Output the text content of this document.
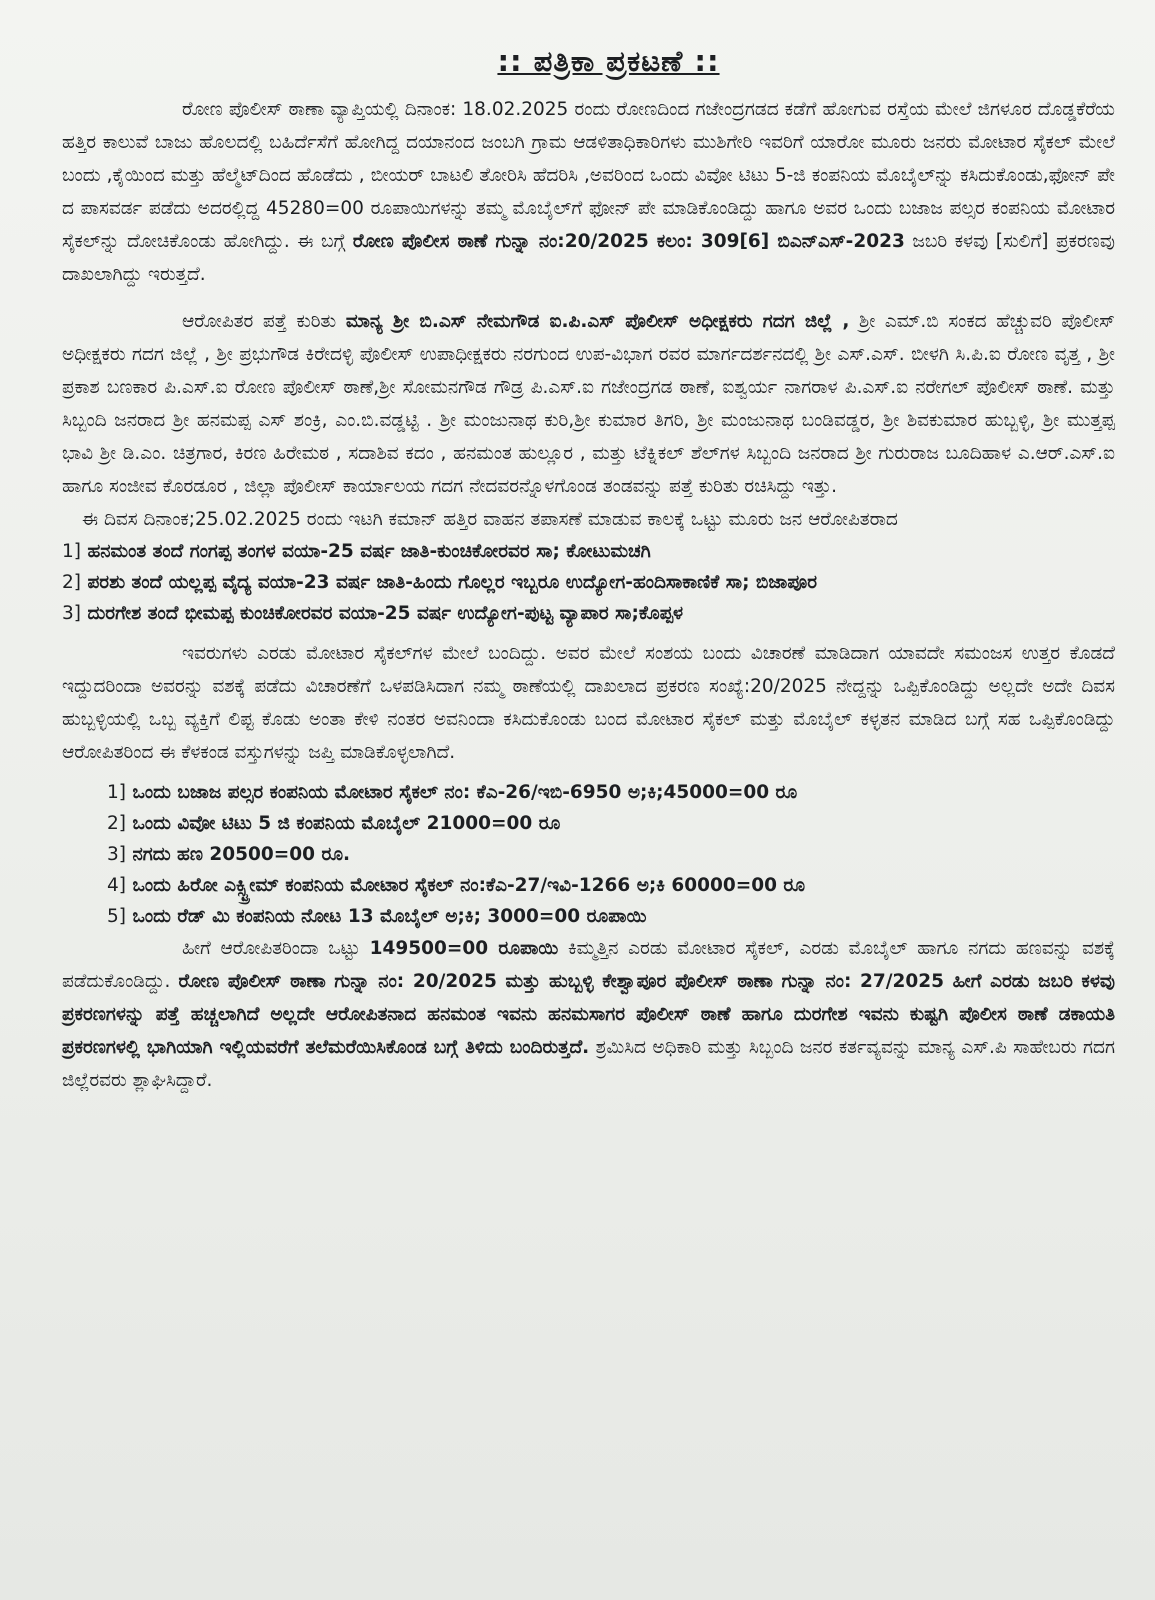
:: ಪತ್ರಿಕಾ ಪ್ರಕಟಣೆ ::

ರೋಣ ಪೊಲೀಸ್ ಠಾಣಾ ವ್ಯಾಪ್ತಿಯಲ್ಲಿ ದಿನಾಂಕ: 18.02.2025 ರಂದು ರೋಣದಿಂದ ಗಜೇಂದ್ರಗಡದ ಕಡೆಗೆ ಹೋಗುವ ರಸ್ತೆಯ ಮೇಲೆ ಜಿಗಳೂರ ದೊಡ್ಡಕೆರೆಯ ಹತ್ತಿರ ಕಾಲುವೆ ಬಾಜು ಹೊಲದಲ್ಲಿ ಬಹಿರ್ದೆಸೆಗೆ ಹೋಗಿದ್ದ ದಯಾನಂದ ಜಂಬಗಿ ಗ್ರಾಮ ಆಡಳಿತಾಧಿಕಾರಿಗಳು ಮುಶಿಗೇರಿ ಇವರಿಗೆ ಯಾರೋ ಮೂರು ಜನರು ಮೋಟಾರ ಸೈಕಲ್ ಮೇಲೆ ಬಂದು ,ಕೈಯಿಂದ ಮತ್ತು ಹೆಲ್ಮೆಟ್‌ದಿಂದ ಹೊಡೆದು , ಬೀಯರ್ ಬಾಟಲಿ ತೋರಿಸಿ ಹೆದರಿಸಿ ,ಅವರಿಂದ ಒಂದು ವಿವೋ ಟಿಟು 5-ಜಿ ಕಂಪನಿಯ ಮೊಬೈಲ್‌ನ್ನು ಕಸಿದುಕೊಂಡು,ಫೋನ್ ಪೇ ದ ಪಾಸವರ್ಡ ಪಡೆದು ಅದರಲ್ಲಿದ್ದ 45280=00 ರೂಪಾಯಿಗಳನ್ನು ತಮ್ಮ ಮೊಬೈಲ್‌ಗೆ ಫೋನ್ ಪೇ ಮಾಡಿಕೊಂಡಿದ್ದು ಹಾಗೂ ಅವರ ಒಂದು ಬಜಾಜ ಪಲ್ಸರ ಕಂಪನಿಯ ಮೋಟಾರ ಸೈಕಲ್‌ನ್ನು ದೋಚಿಕೊಂಡು ಹೋಗಿದ್ದು. ಈ ಬಗ್ಗೆ ರೋಣ ಪೊಲೀಸ ಠಾಣೆ ಗುನ್ನಾ ನಂ:20/2025 ಕಲಂ: 309[6] ಬಿಎನ್‌ಎಸ್-2023 ಜಬರಿ ಕಳವು [ಸುಲಿಗೆ] ಪ್ರಕರಣವು ದಾಖಲಾಗಿದ್ದು ಇರುತ್ತದೆ.

ಆರೋಪಿತರ ಪತ್ತೆ ಕುರಿತು ಮಾನ್ಯ ಶ್ರೀ ಬಿ.ಎಸ್ ನೇಮಗೌಡ ಐ.ಪಿ.ಎಸ್ ಪೊಲೀಸ್ ಅಧೀಕ್ಷಕರು ಗದಗ ಜಿಲ್ಲೆ , ಶ್ರೀ ಎಮ್.ಬಿ ಸಂಕದ ಹೆಚ್ಚುವರಿ ಪೊಲೀಸ್ ಅಧೀಕ್ಷಕರು ಗದಗ ಜಿಲ್ಲೆ , ಶ್ರೀ ಪ್ರಭುಗೌಡ ಕಿರೇದಳ್ಳಿ ಪೊಲೀಸ್ ಉಪಾಧೀಕ್ಷಕರು ನರಗುಂದ ಉಪ-ವಿಭಾಗ ರವರ ಮಾರ್ಗದರ್ಶನದಲ್ಲಿ ಶ್ರೀ ಎಸ್.ಎಸ್. ಬೀಳಗಿ ಸಿ.ಪಿ.ಐ ರೋಣ ವೃತ್ತ , ಶ್ರೀ ಪ್ರಕಾಶ ಬಣಕಾರ ಪಿ.ಎಸ್.ಐ ರೋಣ ಪೊಲೀಸ್ ಠಾಣೆ,ಶ್ರೀ ಸೋಮನಗೌಡ ಗೌಡ್ರ ಪಿ.ಎಸ್.ಐ ಗಜೇಂದ್ರಗಡ ಠಾಣೆ, ಐಶ್ವರ್ಯ ನಾಗರಾಳ ಪಿ.ಎಸ್.ಐ ನರೇಗಲ್ ಪೊಲೀಸ್ ಠಾಣೆ. ಮತ್ತು ಸಿಬ್ಬಂದಿ ಜನರಾದ ಶ್ರೀ ಹನಮಪ್ಪ ಎಸ್ ಶಂಕ್ರಿ, ಎಂ.ಬಿ.ವಡ್ಡಟ್ಟಿ . ಶ್ರೀ ಮಂಜುನಾಥ ಕುರಿ,ಶ್ರೀ ಕುಮಾರ ತಿಗರಿ, ಶ್ರೀ ಮಂಜುನಾಥ ಬಂಡಿವಡ್ಡರ, ಶ್ರೀ ಶಿವಕುಮಾರ ಹುಬ್ಬಳ್ಳಿ, ಶ್ರೀ ಮುತ್ತಪ್ಪ ಭಾವಿ ಶ್ರೀ ಡಿ.ಎಂ. ಚಿತ್ರಗಾರ, ಕಿರಣ ಹಿರೇಮಠ , ಸದಾಶಿವ ಕದಂ , ಹನಮಂತ ಹುಲ್ಲೂರ , ಮತ್ತು ಟೆಕ್ನಿಕಲ್ ಶೆಲ್‌ಗಳ ಸಿಬ್ಬಂದಿ ಜನರಾದ ಶ್ರೀ ಗುರುರಾಜ ಬೂದಿಹಾಳ ಎ.ಆರ್.ಎಸ್.ಐ ಹಾಗೂ ಸಂಜೀವ ಕೊರಡೂರ , ಜಿಲ್ಲಾ ಪೊಲೀಸ್ ಕಾರ್ಯಾಲಯ ಗದಗ ನೇದವರನ್ನೊಳಗೊಂಡ ತಂಡವನ್ನು ಪತ್ತೆ ಕುರಿತು ರಚಿಸಿದ್ದು ಇತ್ತು.

ಈ ದಿವಸ ದಿನಾಂಕ;25.02.2025 ರಂದು ಇಟಗಿ ಕಮಾನ್ ಹತ್ತಿರ ವಾಹನ ತಪಾಸಣೆ ಮಾಡುವ ಕಾಲಕ್ಕೆ ಒಟ್ಟು ಮೂರು ಜನ ಆರೋಪಿತರಾದ

1] ಹನಮಂತ ತಂದೆ ಗಂಗಪ್ಪ ತಂಗಳ ವಯಾ-25 ವರ್ಷ ಜಾತಿ-ಕುಂಚಿಕೋರವರ ಸಾ; ಕೋಟುಮಚಗಿ
2] ಪರಶು ತಂದೆ ಯಲ್ಲಪ್ಪ ವೈದ್ಯ ವಯಾ-23 ವರ್ಷ ಜಾತಿ-ಹಿಂದು ಗೊಲ್ಲರ ಇಬ್ಬರೂ ಉದ್ಯೋಗ-ಹಂದಿಸಾಕಾಣಿಕೆ ಸಾ; ಬಿಜಾಪೂರ
3] ದುರಗೇಶ ತಂದೆ ಭೀಮಪ್ಪ ಕುಂಚಿಕೋರವರ ವಯಾ-25 ವರ್ಷ ಉದ್ಯೋಗ-ಪುಟ್ಟ ವ್ಯಾಪಾರ ಸಾ;ಕೊಪ್ಪಳ

ಇವರುಗಳು ಎರಡು ಮೋಟಾರ ಸೈಕಲ್‌ಗಳ ಮೇಲೆ ಬಂದಿದ್ದು. ಅವರ ಮೇಲೆ ಸಂಶಯ ಬಂದು ವಿಚಾರಣೆ ಮಾಡಿದಾಗ ಯಾವದೇ ಸಮಂಜಸ ಉತ್ತರ ಕೊಡದೆ ಇದ್ದುದರಿಂದಾ ಅವರನ್ನು ವಶಕ್ಕೆ ಪಡೆದು ವಿಚಾರಣೆಗೆ ಒಳಪಡಿಸಿದಾಗ ನಮ್ಮ ಠಾಣೆಯಲ್ಲಿ ದಾಖಲಾದ ಪ್ರಕರಣ ಸಂಖ್ಯೆ:20/2025 ನೇದ್ದನ್ನು ಒಪ್ಪಿಕೊಂಡಿದ್ದು ಅಲ್ಲದೇ ಅದೇ ದಿವಸ ಹುಬ್ಬಳ್ಳಿಯಲ್ಲಿ ಒಬ್ಬ ವ್ಯಕ್ತಿಗೆ ಲಿಪ್ಟ ಕೊಡು ಅಂತಾ ಕೇಳಿ ನಂತರ ಅವನಿಂದಾ ಕಸಿದುಕೊಂಡು ಬಂದ ಮೋಟಾರ ಸೈಕಲ್ ಮತ್ತು ಮೊಬೈಲ್ ಕಳ್ಳತನ ಮಾಡಿದ ಬಗ್ಗೆ ಸಹ ಒಪ್ಪಿಕೊಂಡಿದ್ದು ಆರೋಪಿತರಿಂದ ಈ ಕೆಳಕಂಡ ವಸ್ತುಗಳನ್ನು ಜಪ್ತಿ ಮಾಡಿಕೊಳ್ಳಲಾಗಿದೆ.

1] ಒಂದು ಬಜಾಜ ಪಲ್ಸರ ಕಂಪನಿಯ ಮೋಟಾರ ಸೈಕಲ್ ನಂ: ಕೆಎ-26/ಇಬಿ-6950 ಅ;ಕಿ;45000=00 ರೂ
2] ಒಂದು ವಿವೋ ಟಿಟು 5 ಜಿ ಕಂಪನಿಯ ಮೊಬೈಲ್ 21000=00 ರೂ
3] ನಗದು ಹಣ 20500=00 ರೂ.
4] ಒಂದು ಹಿರೋ ಎಕ್ಸ್ಟ್ರೀಮ್ ಕಂಪನಿಯ ಮೋಟಾರ ಸೈಕಲ್ ನಂ:ಕೆಎ-27/ಇವಿ-1266 ಅ;ಕಿ 60000=00 ರೂ
5] ಒಂದು ರೆಡ್ ಮಿ ಕಂಪನಿಯ ನೋಟ 13 ಮೊಬೈಲ್ ಅ;ಕಿ; 3000=00 ರೂಪಾಯಿ

ಹೀಗೆ ಆರೋಪಿತರಿಂದಾ ಒಟ್ಟು 149500=00 ರೂಪಾಯಿ ಕಿಮ್ಮತ್ತಿನ ಎರಡು ಮೋಟಾರ ಸೈಕಲ್, ಎರಡು ಮೊಬೈಲ್ ಹಾಗೂ ನಗದು ಹಣವನ್ನು ವಶಕ್ಕೆ ಪಡೆದುಕೊಂಡಿದ್ದು. ರೋಣ ಪೊಲೀಸ್ ಠಾಣಾ ಗುನ್ನಾ ನಂ: 20/2025 ಮತ್ತು ಹುಬ್ಬಳ್ಳಿ ಕೇಶ್ವಾಪೂರ ಪೊಲೀಸ್ ಠಾಣಾ ಗುನ್ನಾ ನಂ: 27/2025 ಹೀಗೆ ಎರಡು ಜಬರಿ ಕಳವು ಪ್ರಕರಣಗಳನ್ನು ಪತ್ತೆ ಹಚ್ಚಲಾಗಿದೆ ಅಲ್ಲದೇ ಆರೋಪಿತನಾದ ಹನಮಂತ ಇವನು ಹನಮಸಾಗರ ಪೊಲೀಸ್ ಠಾಣೆ ಹಾಗೂ ದುರಗೇಶ ಇವನು ಕುಷ್ಟಗಿ ಪೊಲೀಸ ಠಾಣೆ ಡಕಾಯತಿ ಪ್ರಕರಣಗಳಲ್ಲಿ ಭಾಗಿಯಾಗಿ ಇಲ್ಲಿಯವರೆಗೆ ತಲೆಮರೆಯಿಸಿಕೊಂಡ ಬಗ್ಗೆ ತಿಳಿದು ಬಂದಿರುತ್ತದೆ. ಶ್ರಮಿಸಿದ ಅಧಿಕಾರಿ ಮತ್ತು ಸಿಬ್ಬಂದಿ ಜನರ ಕರ್ತವ್ಯವನ್ನು ಮಾನ್ಯ ಎಸ್.ಪಿ ಸಾಹೇಬರು ಗದಗ ಜಿಲ್ಲೆರವರು ಶ್ಲಾಘಿಸಿದ್ದಾರೆ.
